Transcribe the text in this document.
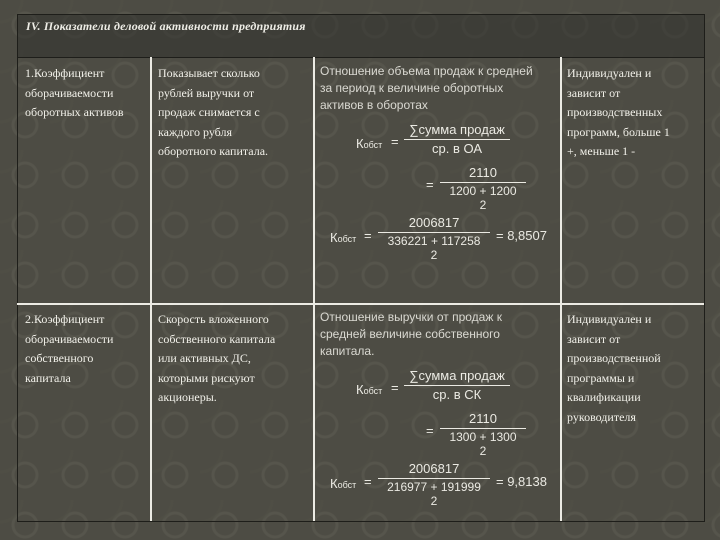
IV. Показатели деловой активности предприятия
1.Коэффициент
оборачиваемости
оборотных активов
Показывает сколько
рублей выручки от
продаж снимается с
каждого рубля
оборотного капитала.
Отношение объема продаж к средней
за период к величине оборотных
активов в оборотах
Кобст =
∑сумма продаж
ср. в ОА
=
2110
1200 + 1200
2
Кобст =
2006817
336221 + 117258
2
= 8,8507
Индивидуален и
зависит от
производственных
программ, больше 1
+, меньше 1 -
2.Коэффициент
оборачиваемости
собственного
капитала
Скорость вложенного
собственного капитала
или активных ДС,
которыми рискуют
акционеры.
Отношение выручки от продаж к
средней величине собственного
капитала.
Кобст =
∑сумма продаж
ср. в СК
=
2110
1300 + 1300
2
Кобст =
2006817
216977 + 191999
2
= 9,8138
Индивидуален и
зависит от
производственной
программы и
квалификации
руководителя
